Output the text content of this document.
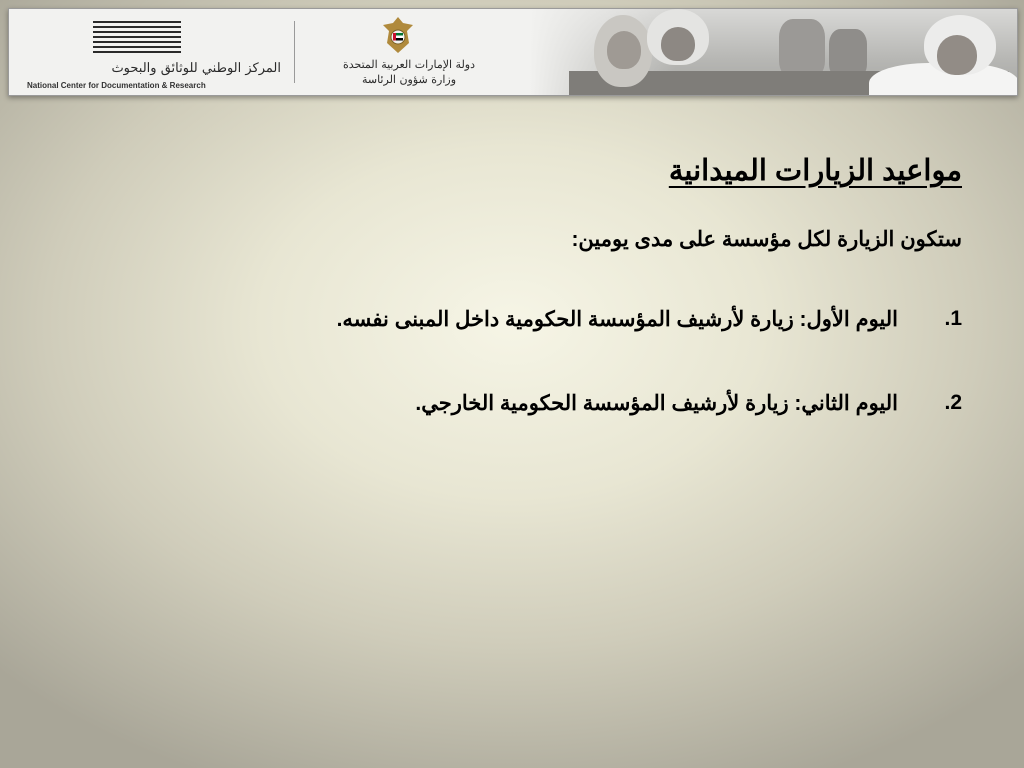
المركز الوطني للوثائق والبحوث
National Center for Documentation & Research
دولة الإمارات العربية المتحدة
وزارة شؤون الرئاسة
مواعيد الزيارات الميدانية
ستكون الزيارة لكل مؤسسة على مدى يومين:
1.
اليوم الأول: زيارة لأرشيف المؤسسة الحكومية داخل المبنى نفسه.
2.
اليوم الثاني: زيارة لأرشيف المؤسسة الحكومية الخارجي.
